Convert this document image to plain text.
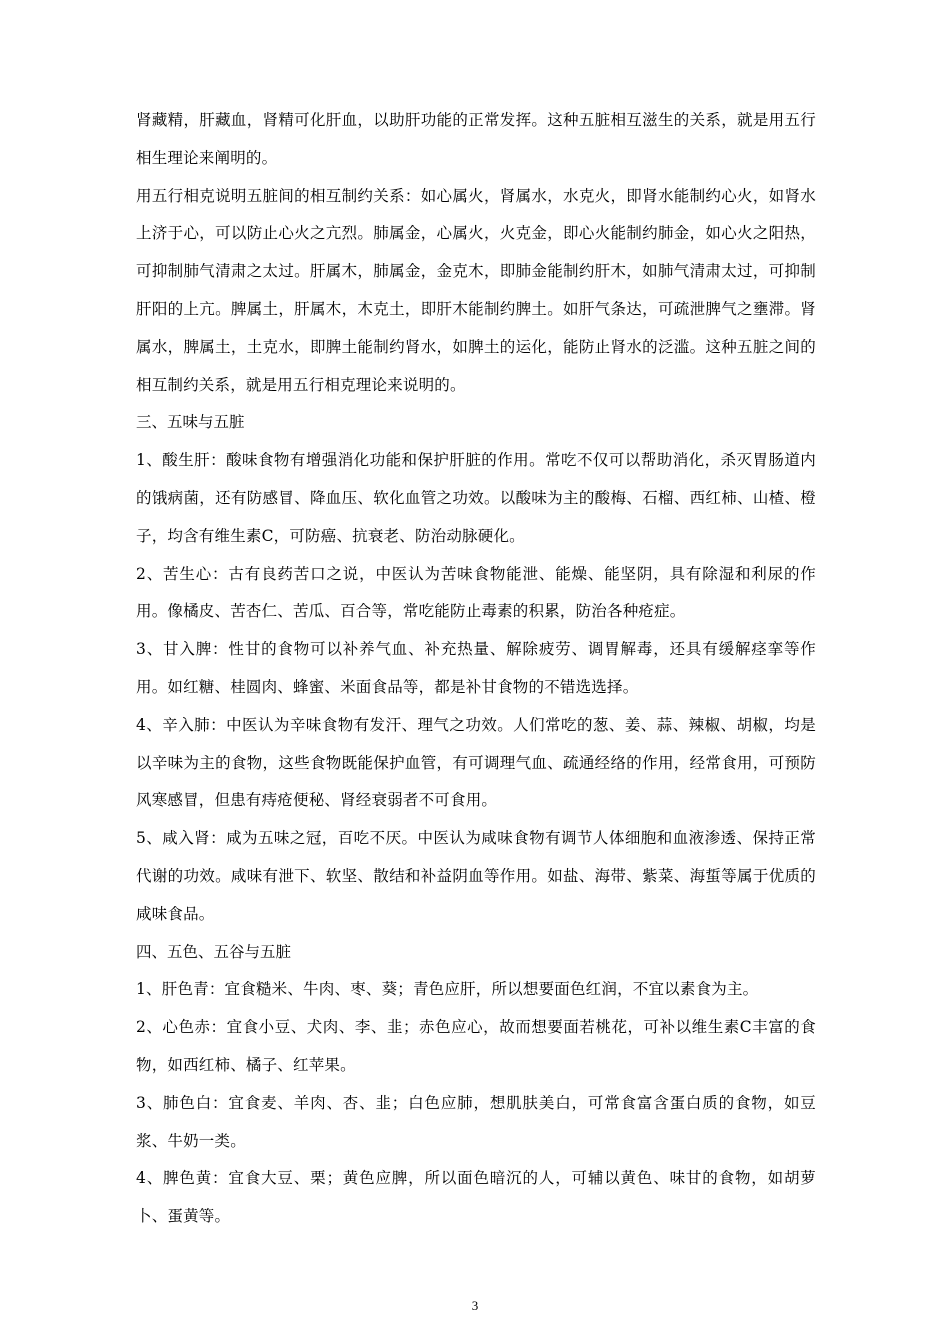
肾藏精，肝藏血，肾精可化肝血，以助肝功能的正常发挥。这种五脏相互滋生的关系，就是用五行相生理论来阐明的。

用五行相克说明五脏间的相互制约关系：如心属火，肾属水，水克火，即肾水能制约心火，如肾水上济于心，可以防止心火之亢烈。肺属金，心属火，火克金，即心火能制约肺金，如心火之阳热，可抑制肺气清肃之太过。肝属木，肺属金，金克木，即肺金能制约肝木，如肺气清肃太过，可抑制肝阳的上亢。脾属土，肝属木，木克土，即肝木能制约脾土。如肝气条达，可疏泄脾气之壅滞。肾属水，脾属土，土克水，即脾土能制约肾水，如脾土的运化，能防止肾水的泛滥。这种五脏之间的相互制约关系，就是用五行相克理论来说明的。

三、五味与五脏

1、酸生肝：酸味食物有增强消化功能和保护肝脏的作用。常吃不仅可以帮助消化，杀灭胃肠道内的饿病菌，还有防感冒、降血压、软化血管之功效。以酸味为主的酸梅、石榴、西红柿、山楂、橙子，均含有维生素C，可防癌、抗衰老、防治动脉硬化。

2、苦生心：古有良药苦口之说，中医认为苦味食物能泄、能燥、能坚阴，具有除湿和利尿的作用。像橘皮、苦杏仁、苦瓜、百合等，常吃能防止毒素的积累，防治各种疮症。

3、甘入脾：性甘的食物可以补养气血、补充热量、解除疲劳、调胃解毒，还具有缓解痉挛等作用。如红糖、桂圆肉、蜂蜜、米面食品等，都是补甘食物的不错选选择。

4、辛入肺：中医认为辛味食物有发汗、理气之功效。人们常吃的葱、姜、蒜、辣椒、胡椒，均是以辛味为主的食物，这些食物既能保护血管，有可调理气血、疏通经络的作用，经常食用，可预防风寒感冒，但患有痔疮便秘、肾经衰弱者不可食用。

5、咸入肾：咸为五味之冠，百吃不厌。中医认为咸味食物有调节人体细胞和血液渗透、保持正常代谢的功效。咸味有泄下、软坚、散结和补益阴血等作用。如盐、海带、紫菜、海蜇等属于优质的咸味食品。

四、五色、五谷与五脏

1、肝色青：宜食糙米、牛肉、枣、葵；青色应肝，所以想要面色红润，不宜以素食为主。

2、心色赤：宜食小豆、犬肉、李、韭；赤色应心，故而想要面若桃花，可补以维生素C丰富的食物，如西红柿、橘子、红苹果。

3、肺色白：宜食麦、羊肉、杏、韭；白色应肺，想肌肤美白，可常食富含蛋白质的食物，如豆浆、牛奶一类。

4、脾色黄：宜食大豆、栗；黄色应脾，所以面色暗沉的人，可辅以黄色、味甘的食物，如胡萝卜、蛋黄等。

3
